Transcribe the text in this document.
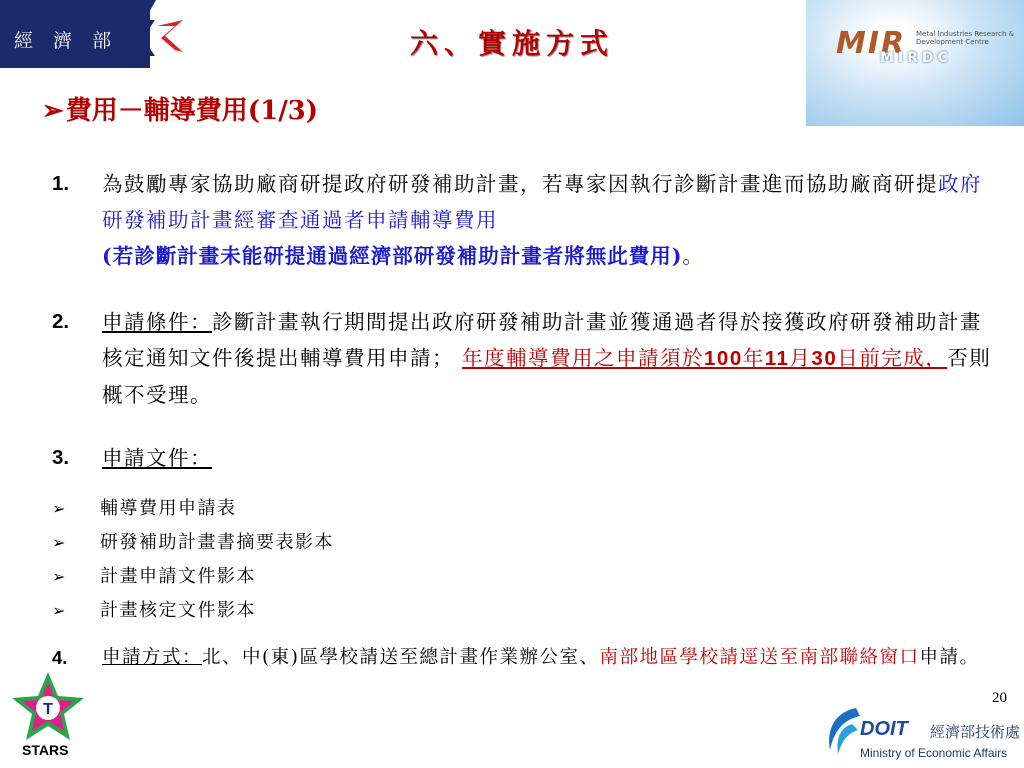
經 濟 部	六、實施方式	MIR Metal Industries Research & Development Centre
MIRDC
➢費用－輔導費用(1/3)
1. 為鼓勵專家協助廠商研提政府研發補助計畫，若專家因執行診斷計畫進而協助廠商研提政府研發補助計畫經審查通過者申請輔導費用
(若診斷計畫未能研提通過經濟部研發補助計畫者將無此費用)。
2. 申請條件：診斷計畫執行期間提出政府研發補助計畫並獲通過者得於接獲政府研發補助計畫核定通知文件後提出輔導費用申請； 年度輔導費用之申請須於100年11月30日前完成，否則概不受理。
3. 申請文件：
➢ 輔導費用申請表
➢ 研發補助計畫書摘要表影本
➢ 計畫申請文件影本
➢ 計畫核定文件影本
4. 申請方式：北、中(東)區學校請送至總計畫作業辦公室、南部地區學校請逕送至南部聯絡窗口申請。
20
T
STARS
DOIT 經濟部技術處
Ministry of Economic Affairs
